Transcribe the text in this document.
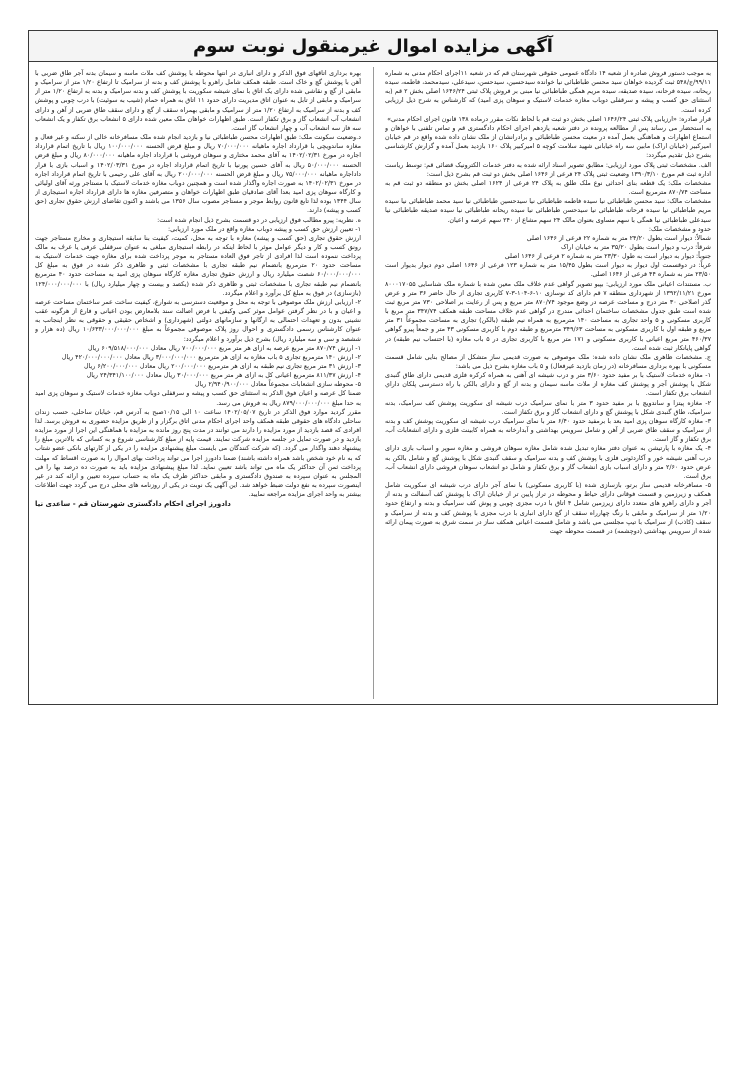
آگهی مزایده اموال غیرمنقول نوبت سوم

به موجب دستور فروش صادره از شعبه ۱۴ دادگاه عمومی حقوقی شهرستان قم که در شعبه ۱۱اجرای احکام مدنی به شماره ۹۹/۱۱/ج/۵۴۸ ثبت گردیده خواهان سید محسن طباطبائی نیا خوانده سیدحسین، سیدحسن، سیدعلی، سیدمحمد، فاطمه، سیده ریحانه، سیده فرحانه، سیده صدیقه، سیده مریم همگی طباطبائی نیا مبنی بر فروش پلاک ثبتی ۱۶۴۶/۲۴ اصلی بخش ۲ قم (به استثنای حق کسب و پیشه و سرقفلی دوباب مغازه خدمات لاستیک و سوهان پزی امید) که کارشناس به شرح ذیل ارزیابی کرده است.

قرار صادره: «ارزیابی پلاک ثبتی ۱۶۴۶/۲۴ اصلی بخش دو ثبت قم با لحاظ نکات مقرر درماده ۱۳۸ قانون اجرای احکام مدنی»

به استحضار می رساند پس از مطالعه پرونده در دفتر شعبه یازدهم اجرای احکام دادگستری قم و تماس تلفنی با خواهان و استماع اظهارات و هماهنگی بعمل آمده در معیت محسن طباطبائی و برادرانشان از ملک نشان داده شده واقع در قم خیابان امیرکبیر (خیابان اراک) مابین سه راه خیابانی شهید سلامت کوچه ۵ امیرکبیر پلاک ۱۶۰ بازدید بعمل آمده و گزارش کارشناسی بشرح ذیل تقدیم میگردد:

الف. مشخصات ثبتی پلاک مورد ارزیابی: مطابق تصویر اسناد ارائه شده به دفتر خدمات الکترونیک قضائی قم: توسط ریاست اداره ثبت قم مورخ ۱۳۹۰/۳/۱۰ وضعیت ثبتی پلاک ۲۴ فرعی از ۱۶۴۶ اصلی بخش دو ثبت قم بشرح ذیل است:

مشخصات ملک: یک قطعه بنای احداثی نوع ملک طلق به پلاک ۲۴ فرعی از ۱۶۲۴ اصلی بخش دو منطقه دو ثبت قم به مساحت ۸۷۰/۷۴ مترمربع است.

مشخصات مالک: سید محسن طباطبائی نیا سیده فاطمه طباطبائی نیا سیدحسین طباطبائی نیا سید محمد طباطبائی نیا سیده مریم طباطبائی نیا سیده فرحانه طباطبائی نیا سیدحسن طباطبائی نیا سیده ریحانه طباطبائی نیا سیده صدیقه طباطبائی نیا سیدعلی طباطبائی نیا همگی با سهم مساوی بعنوان مالک ۲۴ سهم مشاع از ۲۴۰ سهم عرصه و اعیان.

حدود و مشخصات ملک:

شمالاً: دیوار است بطول ۲۴/۲۰ متر به شماره ۲۲ فرعی از ۱۶۴۶ اصلی

شرقاً: درب و دیوار است بطول ۳۵/۲۰ متر به خیابان اراک

جنوباً: دیوار به دیوار است به طول ۲۳/۳۰ متر به شماره ۲ فرعی از ۱۶۴۶ اصلی

غرباً: در دوقسمت اول دیوار به دیوار است بطول ۱۵/۴۵ متر به شماره ۱۲۳ فرعی از ۱۶۴۶ اصلی دوم دیوار بدیوار است ۲۳/۵۰ متر به شماره ۴۴ فرعی از ۱۶۴۶ اصلی.

ب. مستندات اعیانی ملک مورد ارزیابی: بپیو تصویر گواهی عدم خلاف ملک معین شده با شماره ملک شناسایی ۸۰۰۰۱۷۰۵۵ مورخ ۱۳۹۲/۱۱/۲۱ از شهرداری منطقه ۷ قم دارای کد نوسازی ۱۰-۶-۱۰۴-۳-۷ کاربری تجاری از حال حاضر ۳۶ متر و عرض گذر اصلاحی ۳۰ متر درج و مساحت عرصه در وضع موجود ۸۷۰/۷۴ متر مربع و پس از رعایت بر اصلاحی ۷۳۰ متر مربع ثبت شده است طبق جدول مشخصات ساختمان احداثی مندرج در گواهی عدم خلاف مساحت طبقه همکف ۳۴۷/۷۴ متر مربع با کاربری مسکونی و ۵ واحد تجاری به مساحت ۱۴۰ مترمربع به همراه نیم طبقه (بالکن) تجاری به مساحت مجموعاً ۳۱ متر مربع و طبقه اول با کاربری مسکونی به مساحت ۳۴۹/۶۳ مترمربع و طبقه دوم با کاربری مسکونی ۴۳ متر و جمعاً پیرو گواهی ۴۶۰/۳۷ متر مربع اعیانی با کاربری مسکونی و ۱۷۱ متر مربع با کاربری تجاری در ۵ باب مغازه (با احتساب نیم طبقه) در گواهی پایانکار ثبت شده است.

ج. مشخصات ظاهری ملک نشان داده شده: ملک موصوفی به صورت قدیمی ساز متشکل از مصالح بنایی شامل قسمت مسکونی با بهره برداری مسافرخانه (در زمان بازدید غیرفعال) و ۵ باب مغازه بشرح ذیل می باشد:

۱- مغازه خدمات لاستیک با بر مفید حدود ۳/۶۰ متر و درب شیشه ای آهنی به همراه کرکره فلزی قدیمی دارای طاق گنبدی شکل با پوشش آجر و پوشش کف مغازه از ملات ماسه سیمان و بدنه از گچ و دارای بالکن با راه دسترسی پلکان داراي انشعاب برق تکفاز است.

۲- مغازه پیتزا و ساندویچ با بر مفید حدود ۳ متر با نمای سرامیک درب شیشه ای سکوریت پوشش کف سرامیک، بدنه سرامیک، طاق گنبدی شکل با پوشش گچ و دارای انشعاب گاز و برق تکفاز است.

۳- مغازه کارگاه سوهان پزی امید بعد با برمفید حدود ۶/۴۰ متر با نمای سرامیک درب شیشه ای سکوریت پوشش کف و بدنه از سرامیک و سقف طاق ضربی از آهن و شامل سرویس بهداشتی و آبدارخانه به همراه کابینت فلزی و دارای انشعابات آب، برق تکفاز و گاز است.

۴- یک مغازه با پارتیشن به عنوان دفتر مغازه تبدیل شده شامل مغازه سوهان فروشی و مغازه سوپر و اسباب بازی دارای درب آهنی شیشه خور و آکاردئونی فلزی با پوشش کف و بدنه سرامیک و سقف گنبدی شکل با پوشش گچ و شامل بالکن به عرض حدود ۲/۶۰ متر و دارای اسباب بازی انشعاب گاز و برق تکفاز و شامل دو انشعاب سوهان فروشی دارای انشعاب آب، برق است.

۵- مسافرخانه قدیمی ساز برتو، بازسازی شده (با کاربری مسکونی) با نمای آجر دارای درب شیشه ای سکوریت شامل همکف و زیرزمین و قسمت فوقانی دارای حیاط و محوطه در تراز پایین تر از خیابان اراک با پوشش کف آسفالت و بدنه از آجر و دارای راهرو های متعدد دارای زیرزمین شامل ۴ اتاق با درب مجزی چوبی و پوش کف سرامیک و بدنه و ارتفاع حدود ۱/۲۰ متر از سرامیک و مابقی با رنگ چهارراه سقف از گچ دارای انباری با درب مجزی با پوشش کف و بدنه از سرامیک و سقف (کاذب) از سرامیک با تیپ مجلسی می باشد و شامل قسمت اعیانی همکف ساز در سمت شرق به صورت پیمان ارائه شده از سرویس بهداشتی (دوچشمه) در قسمت محوطه جهت

بهره برداری اتاقهای فوق الذکر و دارای انباری در انتها محوطه با پوشش کف ملات ماسه و سیمان بدنه آجر طاق ضربی با آهن با پوشش گچ و خاک است. طبقه همکف شامل راهرو با پوشش کف و بدنه از سرامیک تا ارتفاع ۱/۲۰ متر از سرامیک و مابقی از گچ و نقاشی شده دارای یک اتاق با نمای شیشه سکوریت با پوشش کف و بدنه سرامیک و بدنه به ارتفاع ۱/۲۰ متر از سرامیک و مابقی از تابل به عنوان اتاق مدیریت دارای حدود ۱۱ اتاق به همراه حمام (شیب به سوئیت) با درب چوبی و پوشش کف و بدنه از سرامیک به ارتفاع ۱/۲۰ متر از سرامیک و مابقی بهمراه سقف از گچ و دارای سقف طاق ضربی از آهن و دارای انشعاب آب انشعاب گاز و برق تکفاز است. طبق اظهارات خواهان ملک معین شده دارای ۵ انشعاب برق تکفاز و یک انشعاب سه فاز سه انشعاب آب و چهار انشعاب گاز است.

د.وضعیت سکونت ملک: طبق اظهارات محسن طباطبائی نیا و بازدید انجام شده ملک مسافرخانه خالی از سکنه و غیر فعال و مغازه ساندویچی با قرارداد اجاره ماهیانه ۷۰/۰۰۰/۰۰۰ ریال و مبلغ قرض الحسنه ۱۰۰/۰۰۰/۰۰۰ ریال با تاریخ اتمام قرارداد اجاره در مورخ ۱۴۰۲/۰۲/۳۱ به آقای محمد مختاری و سوهان فروشی با قرارداد اجاره ماهیانه ۸۰/۰۰۰/۰۰۰ ریال و مبلغ قرض الحسنه ۵۰/۰۰۰/۰۰۰ ریال به آقای حسین پورنیا با تاریخ اتمام قرارداد اجاره در مورخ ۱۴۰۲/۰۳/۳۱ و اسباب بازی با قرار داداجاره ماهیانه ۷۵/۰۰۰/۰۰۰ ریال و مبلغ قرض الحسنه ۲۰۰/۰۰۰/۰۰۰ ریال به آقای علی رحیمی با تاریخ اتمام قرارداد اجاره در مورخ ۱۴۰۲/۰۲/۳۱ به صورت اجاره واگذار شده است و همچنین دوباب مغازه خدمات لاستیک با مستاجر ورثه آقای اولیائی و کارگاه سوهان پزی امید بعدا آقای صادقیان طبق اظهارات خواهان و متصرفین مغازه ها دارای قرارداد اجاره استیجاری از سال ۱۳۴۴ بوده لذا تابع قانون روابط موجر و مستاجر مصوب سال ۱۳۵۶ می باشند و اکنون تقاضای ارزش حقوق تجاری (حق کسب و پیشه) دارند.

ه. نظریه: پیرو مطالب فوق ارزیابی در دو قسمت بشرح ذیل انجام شده است:

۱- تعیین ارزش حق کسب و پیشه دوباب مغازه واقع در ملک مورد ارزیابی:

ارزش حقوق تجاری (حق کسب و پیشه) مغازه با توجه به محل، کمیت، کیفیت بنا سابقه استیجاری و مخارج مستاجر جهت رونق کسب و کار و دیگر عوامل موثر با لحاظ اینکه در رابطه استیجاری مبلغی به عنوان سرقفلی عرفی یا عرف به مالک پرداخت ننموده است لذا افرادی از تاجر فوق العاده مستاجر به موجر پرداخت شده برای مغازه جهت خدمات لاستیک به مساحت حدود ۲۰ مترمربع بانضمام نیم طبقه تجاری با مشخصات ثبتی و ظاهری ذکر شده در فوق به مبلغ کل ۶۰/۰۰۰/۰۰۰/۰۰۰ شصت میلیارد ریال و ارزش حقوق تجاری مغازه کارگاه سوهان پزی امید به مساحت حدود ۴۰ مترمربع بانضمام نیم طبقه تجاری با مشخصات ثبتی و ظاهری ذکر شده (یکصد و بیست و چهار میلیارد ریال) با ۱۲۴/۰۰۰/۰۰۰/۰۰۰ (بازسازی) در فوق به مبلغ کل برآورد و اعلام میگردد.

۲- ارزیابی ارزش ملک موصوفی با توجه به محل و موقعیت دسترسی به شوارع، کیفیت ساخت عمر ساختمان مساحت عرصه و اعیان و با در نظر گرفتن عوامل موثر کمی وکیفی با فرض اصالت سند بلامعارض بودن اعیانی و فارغ از هرگونه عقب نشینی بدون و تعهدات احتمالی به ارگانها و سازمانهای دولتی (شهرداری) و اشخاص حقیقی و حقوقی به نظر اینجانب به عنوان کارشناس رسمی دادگستری و احوال روز پلاک موصوفی مجموعاً به مبلغ ۱۰/۶۳۳/۰۰۰/۰۰۰/۰۰۰ ریال (ده هزار و ششصد و سی و سه میلیارد ریال) بشرح ذیل برآورد و اعلام میگردد:

۱- ارزش ۸۷۰/۷۴ متر مربع عرصه به ازای هر متر مربع ۷۰۰/۰۰۰/۰۰۰ ریال معادل ۶۰۹/۵۱۸/۰۰۰/۰۰۰ ریال

۲- ارزش ۱۴۰ مترمربع تجاری ۵ باب مغازه به ازای هر مترمربع ۳/۰۰۰/۰۰۰/۰۰۰ ریال معادل ۴۲۰/۰۰۰/۰۰۰/۰۰۰ ریال

۳- ارزش ۳۱ متر مربع تجاری نیم طبقه به ازای هر مترمربع ۲۰۰/۰۰۰/۰۰۰ ریال معادل ۶/۲۰۰/۰۰۰/۰۰۰ ریال

۴- ارزش ۸۱۱/۳۷ مترمربع اعیانی کل به ازای هر متر مربع ۳۰/۰۰۰/۰۰۰ ریال معادل ۲۴/۳۴۱/۱۰۰/۰۰۰ ریال

۵- محوطه سازی انشعابات مجموعاً معادل ۲/۹۴۰/۹۰۰/۰۰۰ ریال

ضمنا کل عرصه و اعیان فوق الذکر به استثنای حق کسب و پیشه و سرقفلی دوباب مغازه خدمات لاستیک و سوهان پزی امید به حدا مبلغ ۸۷۹/۰۰۰/۰۰۰/۰۰۰ ریال به فروش می رسد.

مقرر گردید موارد فوق الذکر در تاریخ ۱۴۰۲/۰۵/۰۷ ساعت ۱۰ الی ۱۰/۱۵صبح به آدرس قم، خیابان ساحلی، حسب زندان ساحلی دادگاه های حقوقی طبقه همکف واحد اجرای احکام مدنی اتاق برگزار و از طریق مزایده حضوری به فروش برسد. لذا افرادی که قصد بازدید از مورد مزایده را دارند می توانند در مدت پنج روز مانده به مزایده با هماهنگی این اجرا از مورد مزایده بازدید و در صورت تمایل در جلسه مزایده شرکت نمایند. قیمت پایه از مبلغ کارشناسی شروع و به کسانی که بالاترین مبلغ را پیشنهاد دهند واگذار می گردد. (که شرکت کنندگان می بایست مبلغ پیشنهادی مزایده را در یکی از کارتهای بانکی عضو شتاب که به نام خود شخص باشد همراه داشته باشند) ضمنا دادورز اجرا می تواند پرداخت بهای اموال را به صورت اقساط که مهلت پرداخت ثمن آن حداکثر یک ماه می تواند باشد تعیین نماید. لذا مبلغ پیشنهادی مزایده باید به صورت ده درصد بها را فی المجلس به عنوان سپرده به صندوق دادگستری و مابقی حداکثر ظرف یک ماه به حساب سپرده تعیین و ارائه کند در غیر اینصورت سپرده به نفع دولت ضبط خواهد شد. این آگهی یک نوبت در یکی از روزنامه های محلی درج می گردد جهت اطلاعات بیشتر به واحد اجرای مزایده مراجعه نمایید.

دادورز اجرای احکام دادگستری شهرستان قم - ساعدی نیا
